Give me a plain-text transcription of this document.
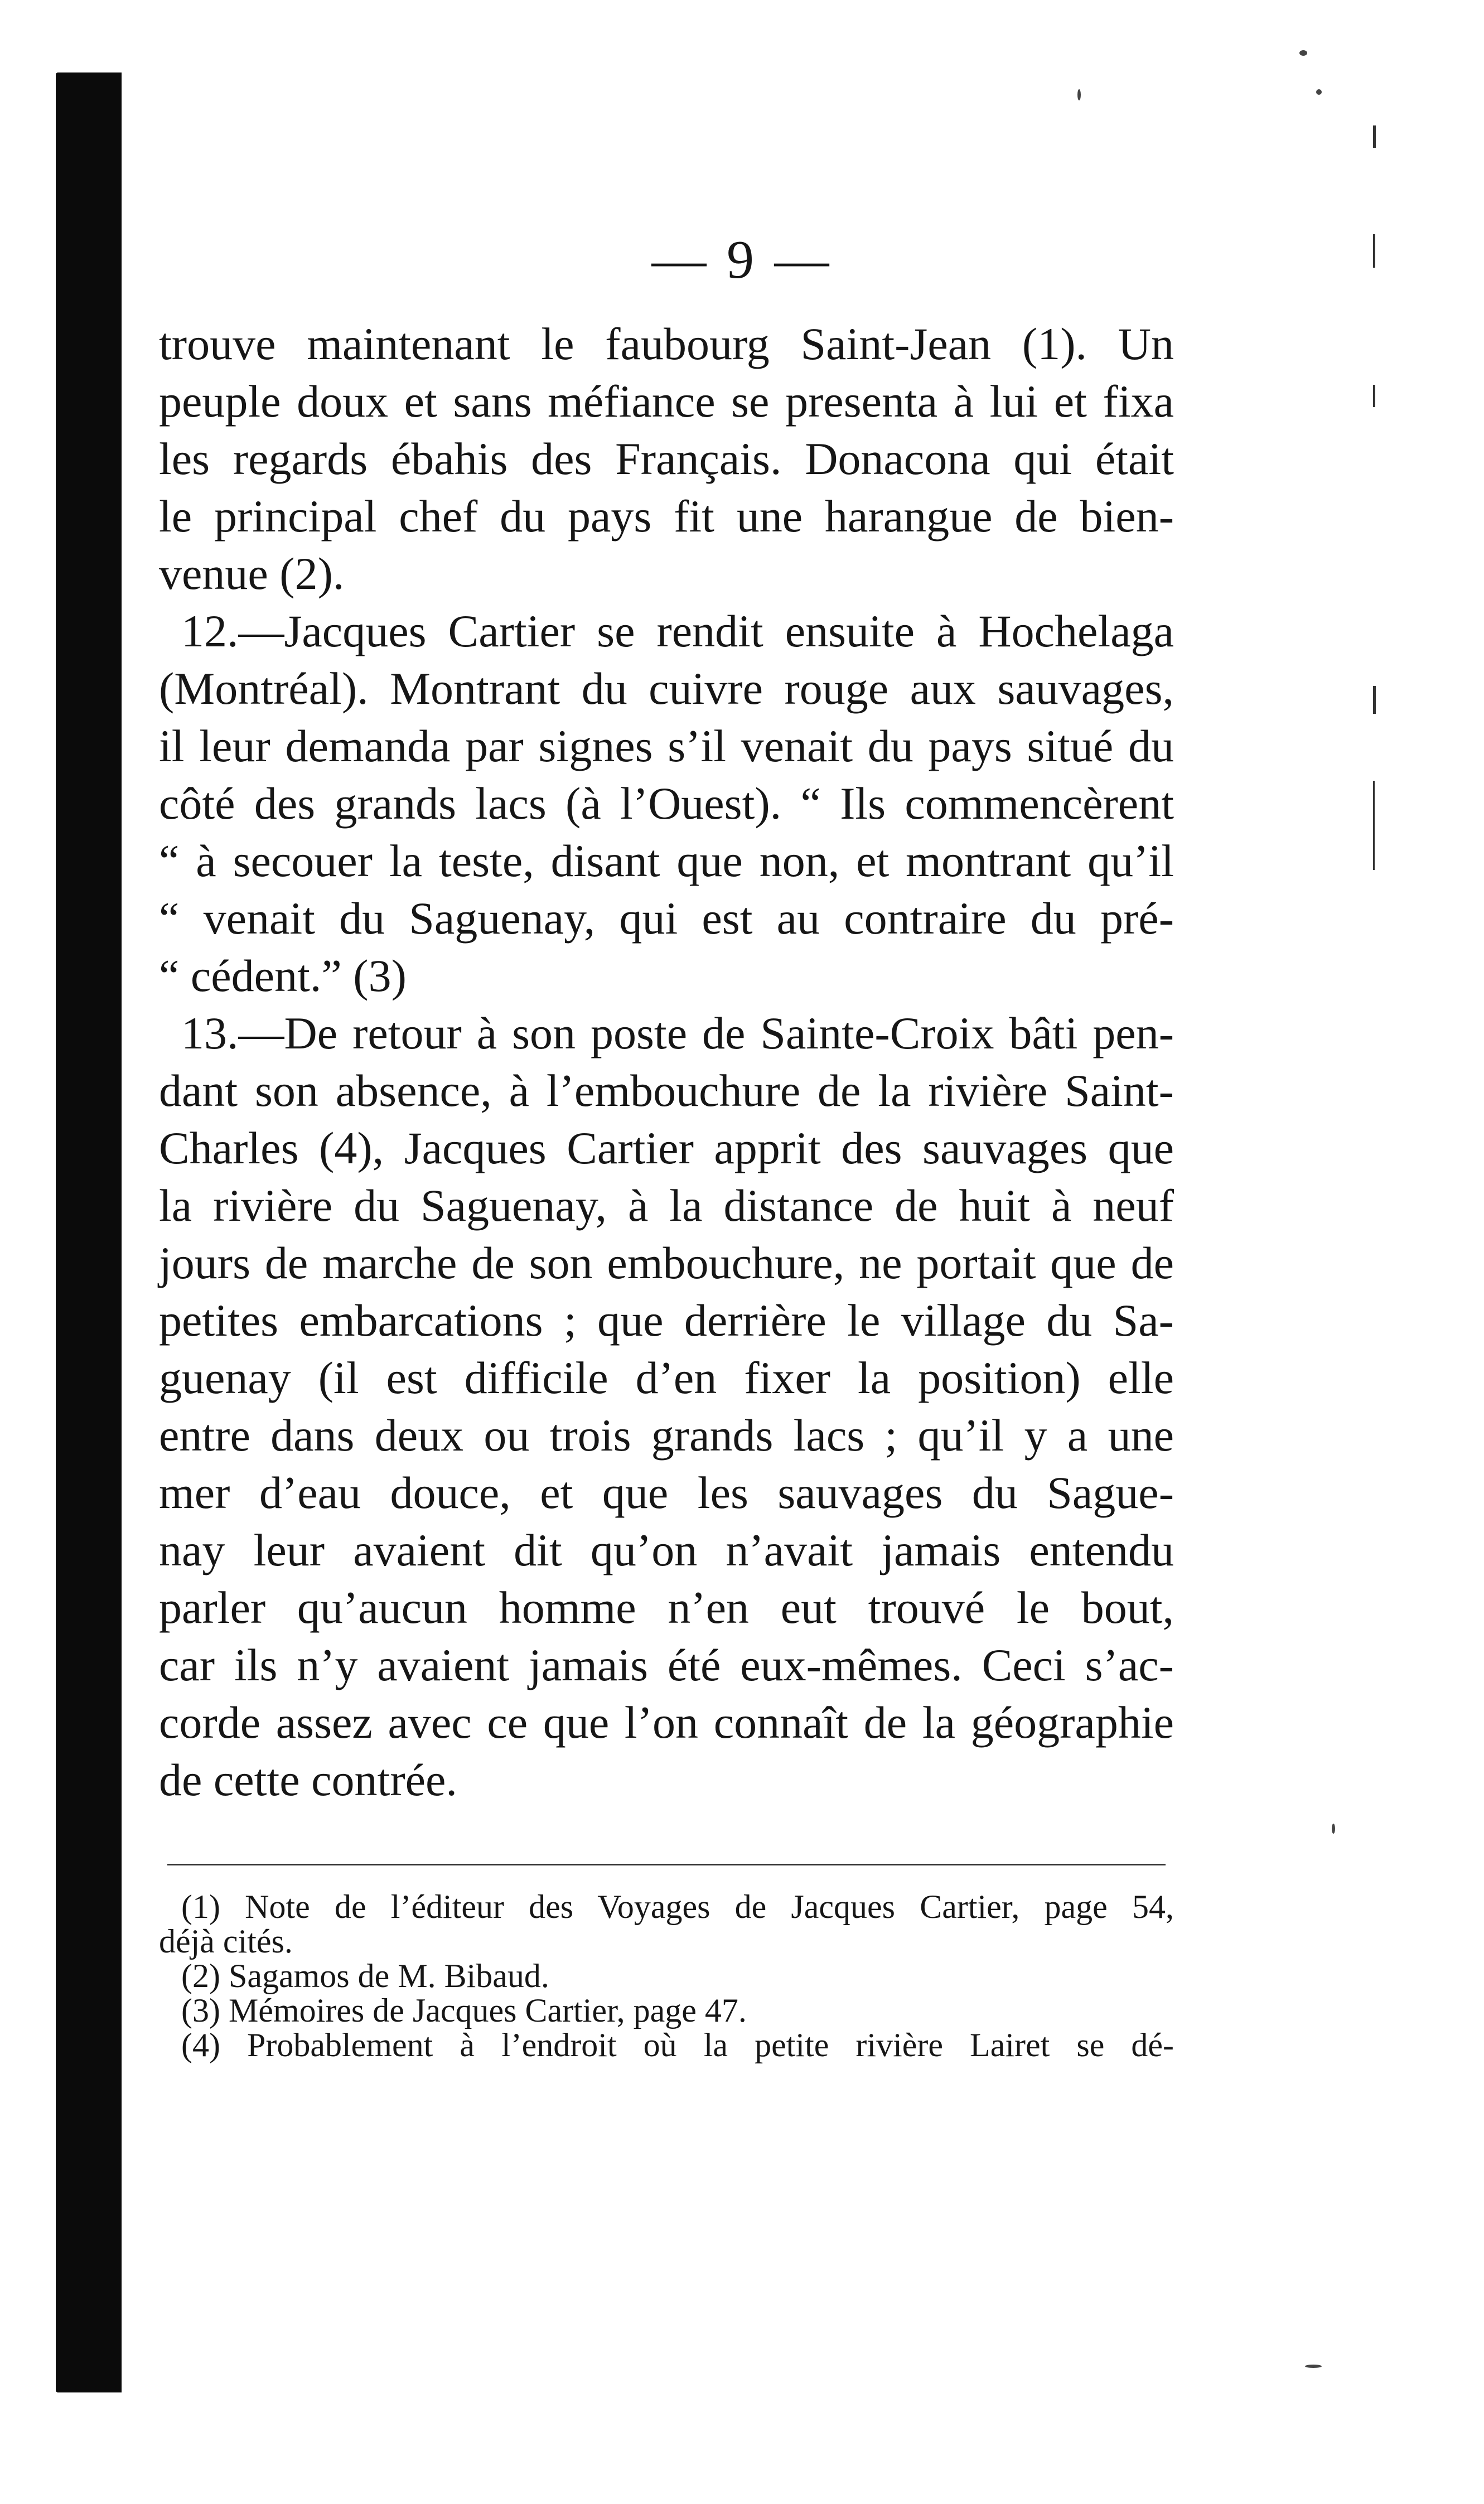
— 9 —
trouve maintenant le faubourg Saint-Jean (1). Un
peuple doux et sans méfiance se presenta à lui et fixa
les regards ébahis des Français. Donacona qui était
le principal chef du pays fit une harangue de bien-
venue (2).
12.—Jacques Cartier se rendit ensuite à Hochelaga
(Montréal). Montrant du cuivre rouge aux sauvages,
il leur demanda par signes s’il venait du pays situé du
côté des grands lacs (à l’Ouest). “ Ils commencèrent
“ à secouer la teste, disant que non, et montrant qu’il
“ venait du Saguenay, qui est au contraire du pré-
“ cédent.” (3)
13.—De retour à son poste de Sainte-Croix bâti pen-
dant son absence, à l’embouchure de la rivière Saint-
Charles (4), Jacques Cartier apprit des sauvages que
la rivière du Saguenay, à la distance de huit à neuf
jours de marche de son embouchure, ne portait que de
petites embarcations ; que derrière le village du Sa-
guenay (il est difficile d’en fixer la position) elle
entre dans deux ou trois grands lacs ; qu’il y a une
mer d’eau douce, et que les sauvages du Sague-
nay leur avaient dit qu’on n’avait jamais entendu
parler qu’aucun homme n’en eut trouvé le bout,
car ils n’y avaient jamais été eux-mêmes. Ceci s’ac-
corde assez avec ce que l’on connaît de la géographie
de cette contrée.
(1) Note de l’éditeur des Voyages de Jacques Cartier, page 54,
déjà cités.
(2) Sagamos de M. Bibaud.
(3) Mémoires de Jacques Cartier, page 47.
(4) Probablement à l’endroit où la petite rivière Lairet se dé-
